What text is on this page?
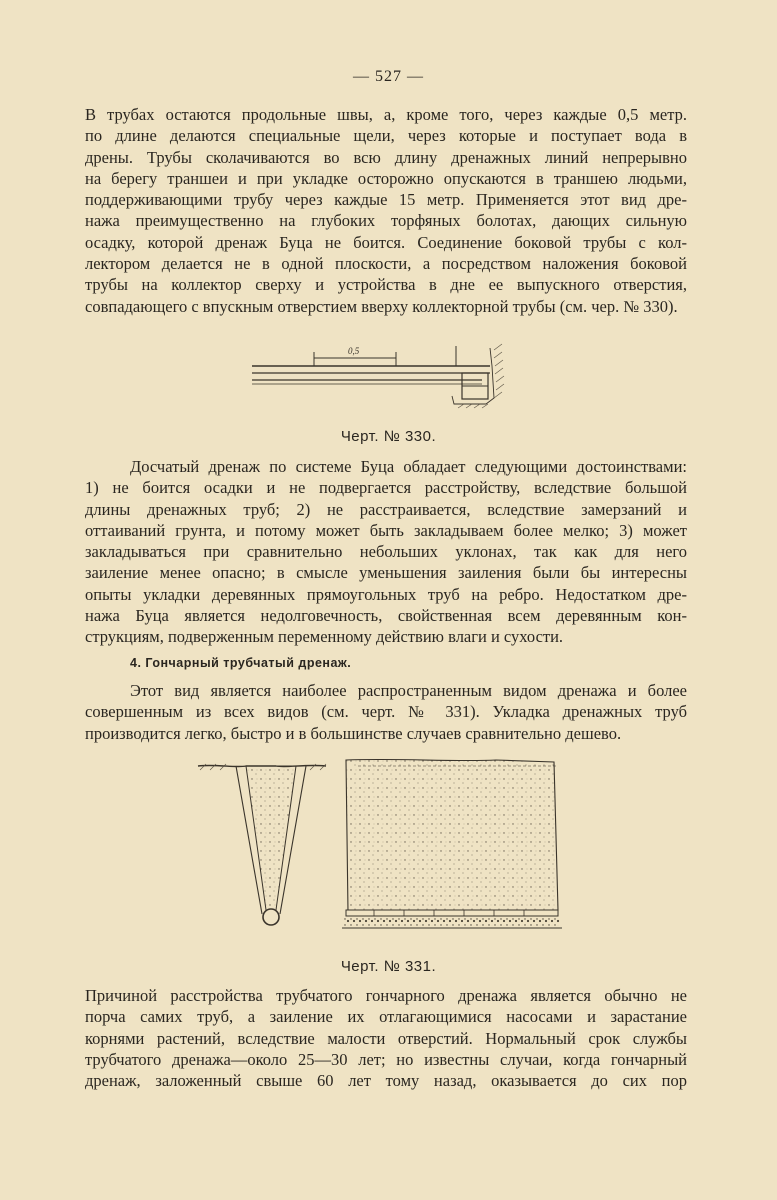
— 527 —
В трубах остаются продольные швы, а, кроме того, через каждые 0,5 метр.
по длине делаются специальные щели, через которые и поступает вода в
дрены. Трубы сколачиваются во всю длину дренажных линий непрерывно
на берегу траншеи и при укладке осторожно опускаются в траншею людьми,
поддерживающими трубу через каждые 15 метр. Применяется этот вид дре-
нажа преимущественно на глубоких торфяных болотах, дающих сильную
осадку, которой дренаж Буца не боится. Соединение боковой трубы с кол-
лектором делается не в одной плоскости, а посредством наложения боковой
трубы на коллектор сверху и устройства в дне ее выпускного отверстия,
совпадающего с впускным отверстием вверху коллекторной трубы (см. чер. № 330).
0,5
Черт. № 330.
Досчатый дренаж по системе Буца обладает следующими достоинствами:
1) не боится осадки и не подвергается расстройству, вследствие большой
длины дренажных труб; 2) не расстраивается, вследствие замерзаний и
оттаиваний грунта, и потому может быть закладываем более мелко; 3) может
закладываться при сравнительно небольших уклонах, так как для него
заиление менее опасно; в смысле уменьшения заиления были бы интересны
опыты укладки деревянных прямоугольных труб на ребро. Недостатком дре-
нажа Буца является недолговечность, свойственная всем деревянным кон-
струкциям, подверженным переменному действию влаги и сухости.
4. Гончарный трубчатый дренаж.
Этот вид является наиболее распространенным видом дренажа и более
совершенным из всех видов (см. черт. № 331). Укладка дренажных труб
производится легко, быстро и в большинстве случаев сравнительно дешево.
Черт. № 331.
Причиной расстройства трубчатого гончарного дренажа является обычно не
порча самих труб, а заиление их отлагающимися насосами и зарастание
корнями растений, вследствие малости отверстий. Нормальный срок службы
трубчатого дренажа—около 25—30 лет; но известны случаи, когда гончарный
дренаж, заложенный свыше 60 лет тому назад, оказывается до сих пор
